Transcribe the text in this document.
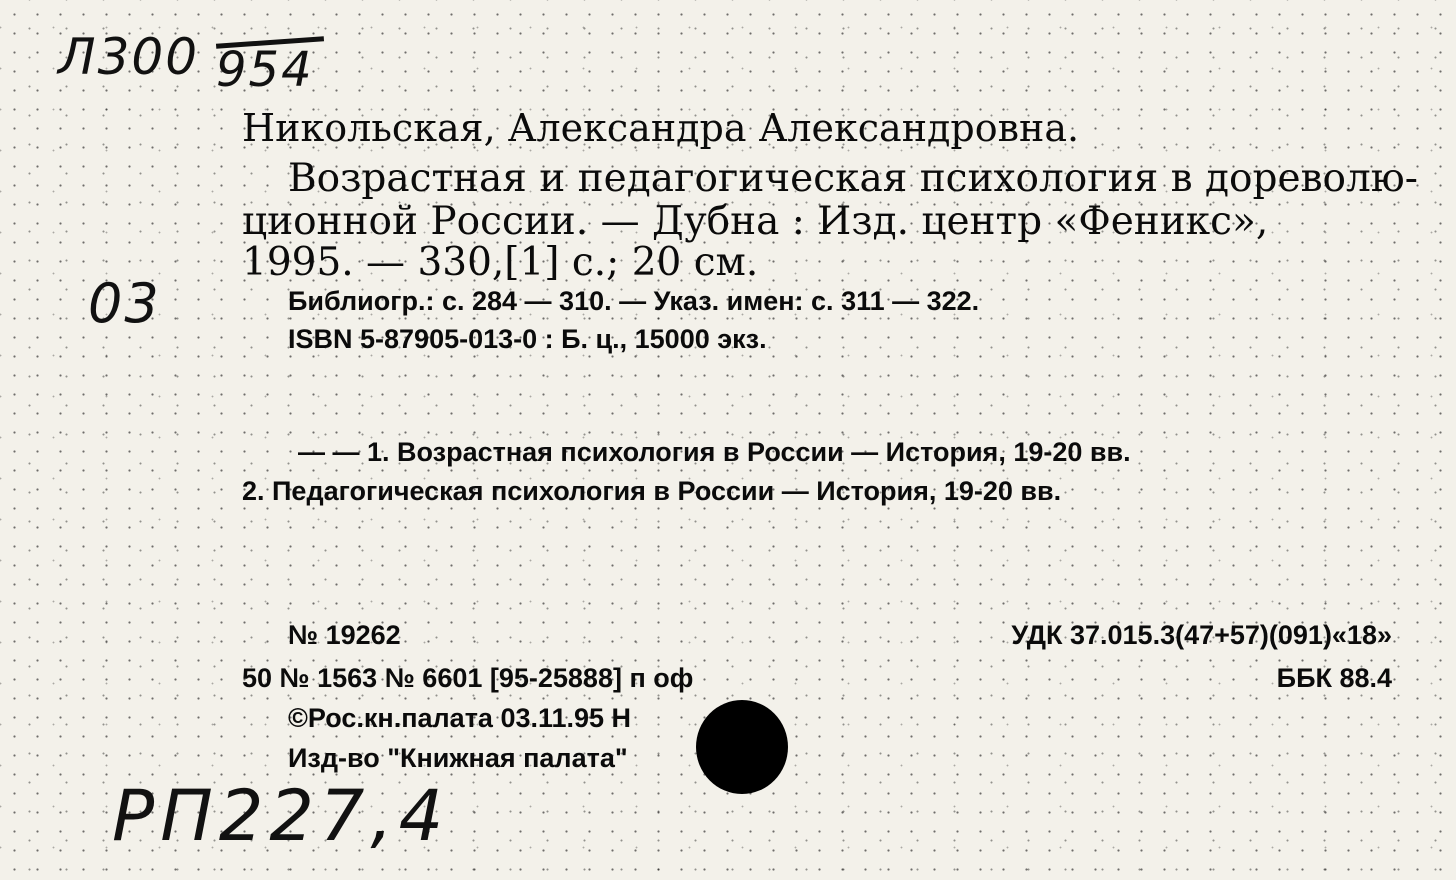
Л300 954
03
Никольская, Александра Александровна.
Возрастная и педагогическая психология в дореволю-
ционной России. — Дубна : Изд. центр «Феникс»,
1995. — 330,[1] с.; 20 см.
Библиогр.: с. 284 — 310. — Указ. имен: с. 311 — 322.
ISBN 5-87905-013-0 : Б. ц., 15000 экз.
— — 1. Возрастная психология в России — История, 19-20 вв.
2. Педагогическая психология в России — История, 19-20 вв.
№ 19262
50 № 1563 № 6601 [95-25888] п оф
©Рос.кн.палата 03.11.95 Н
Изд-во "Книжная палата"
УДК 37.015.3(47+57)(091)«18»
ББК 88.4
РП227,4
